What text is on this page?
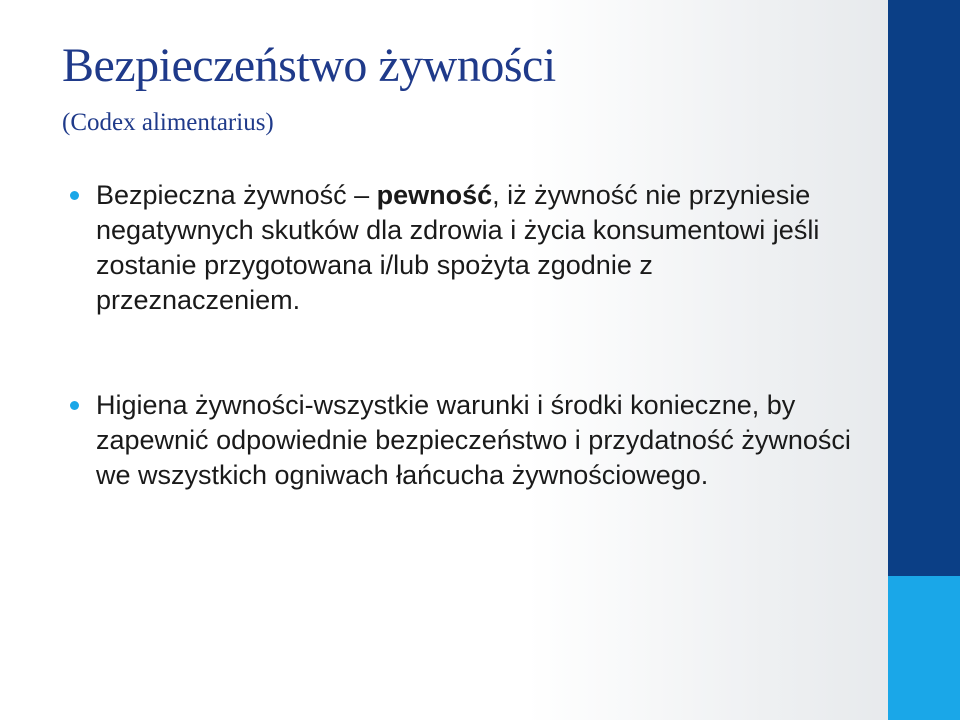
Bezpieczeństwo żywności

(Codex alimentarius)

Bezpieczna żywność – pewność, iż żywność nie przyniesie negatywnych skutków dla zdrowia i życia konsumentowi jeśli zostanie przygotowana i/lub spożyta zgodnie z przeznaczeniem.
Higiena żywności-wszystkie warunki i środki konieczne, by zapewnić odpowiednie bezpieczeństwo i przydatność żywności we wszystkich ogniwach łańcucha żywnościowego.
